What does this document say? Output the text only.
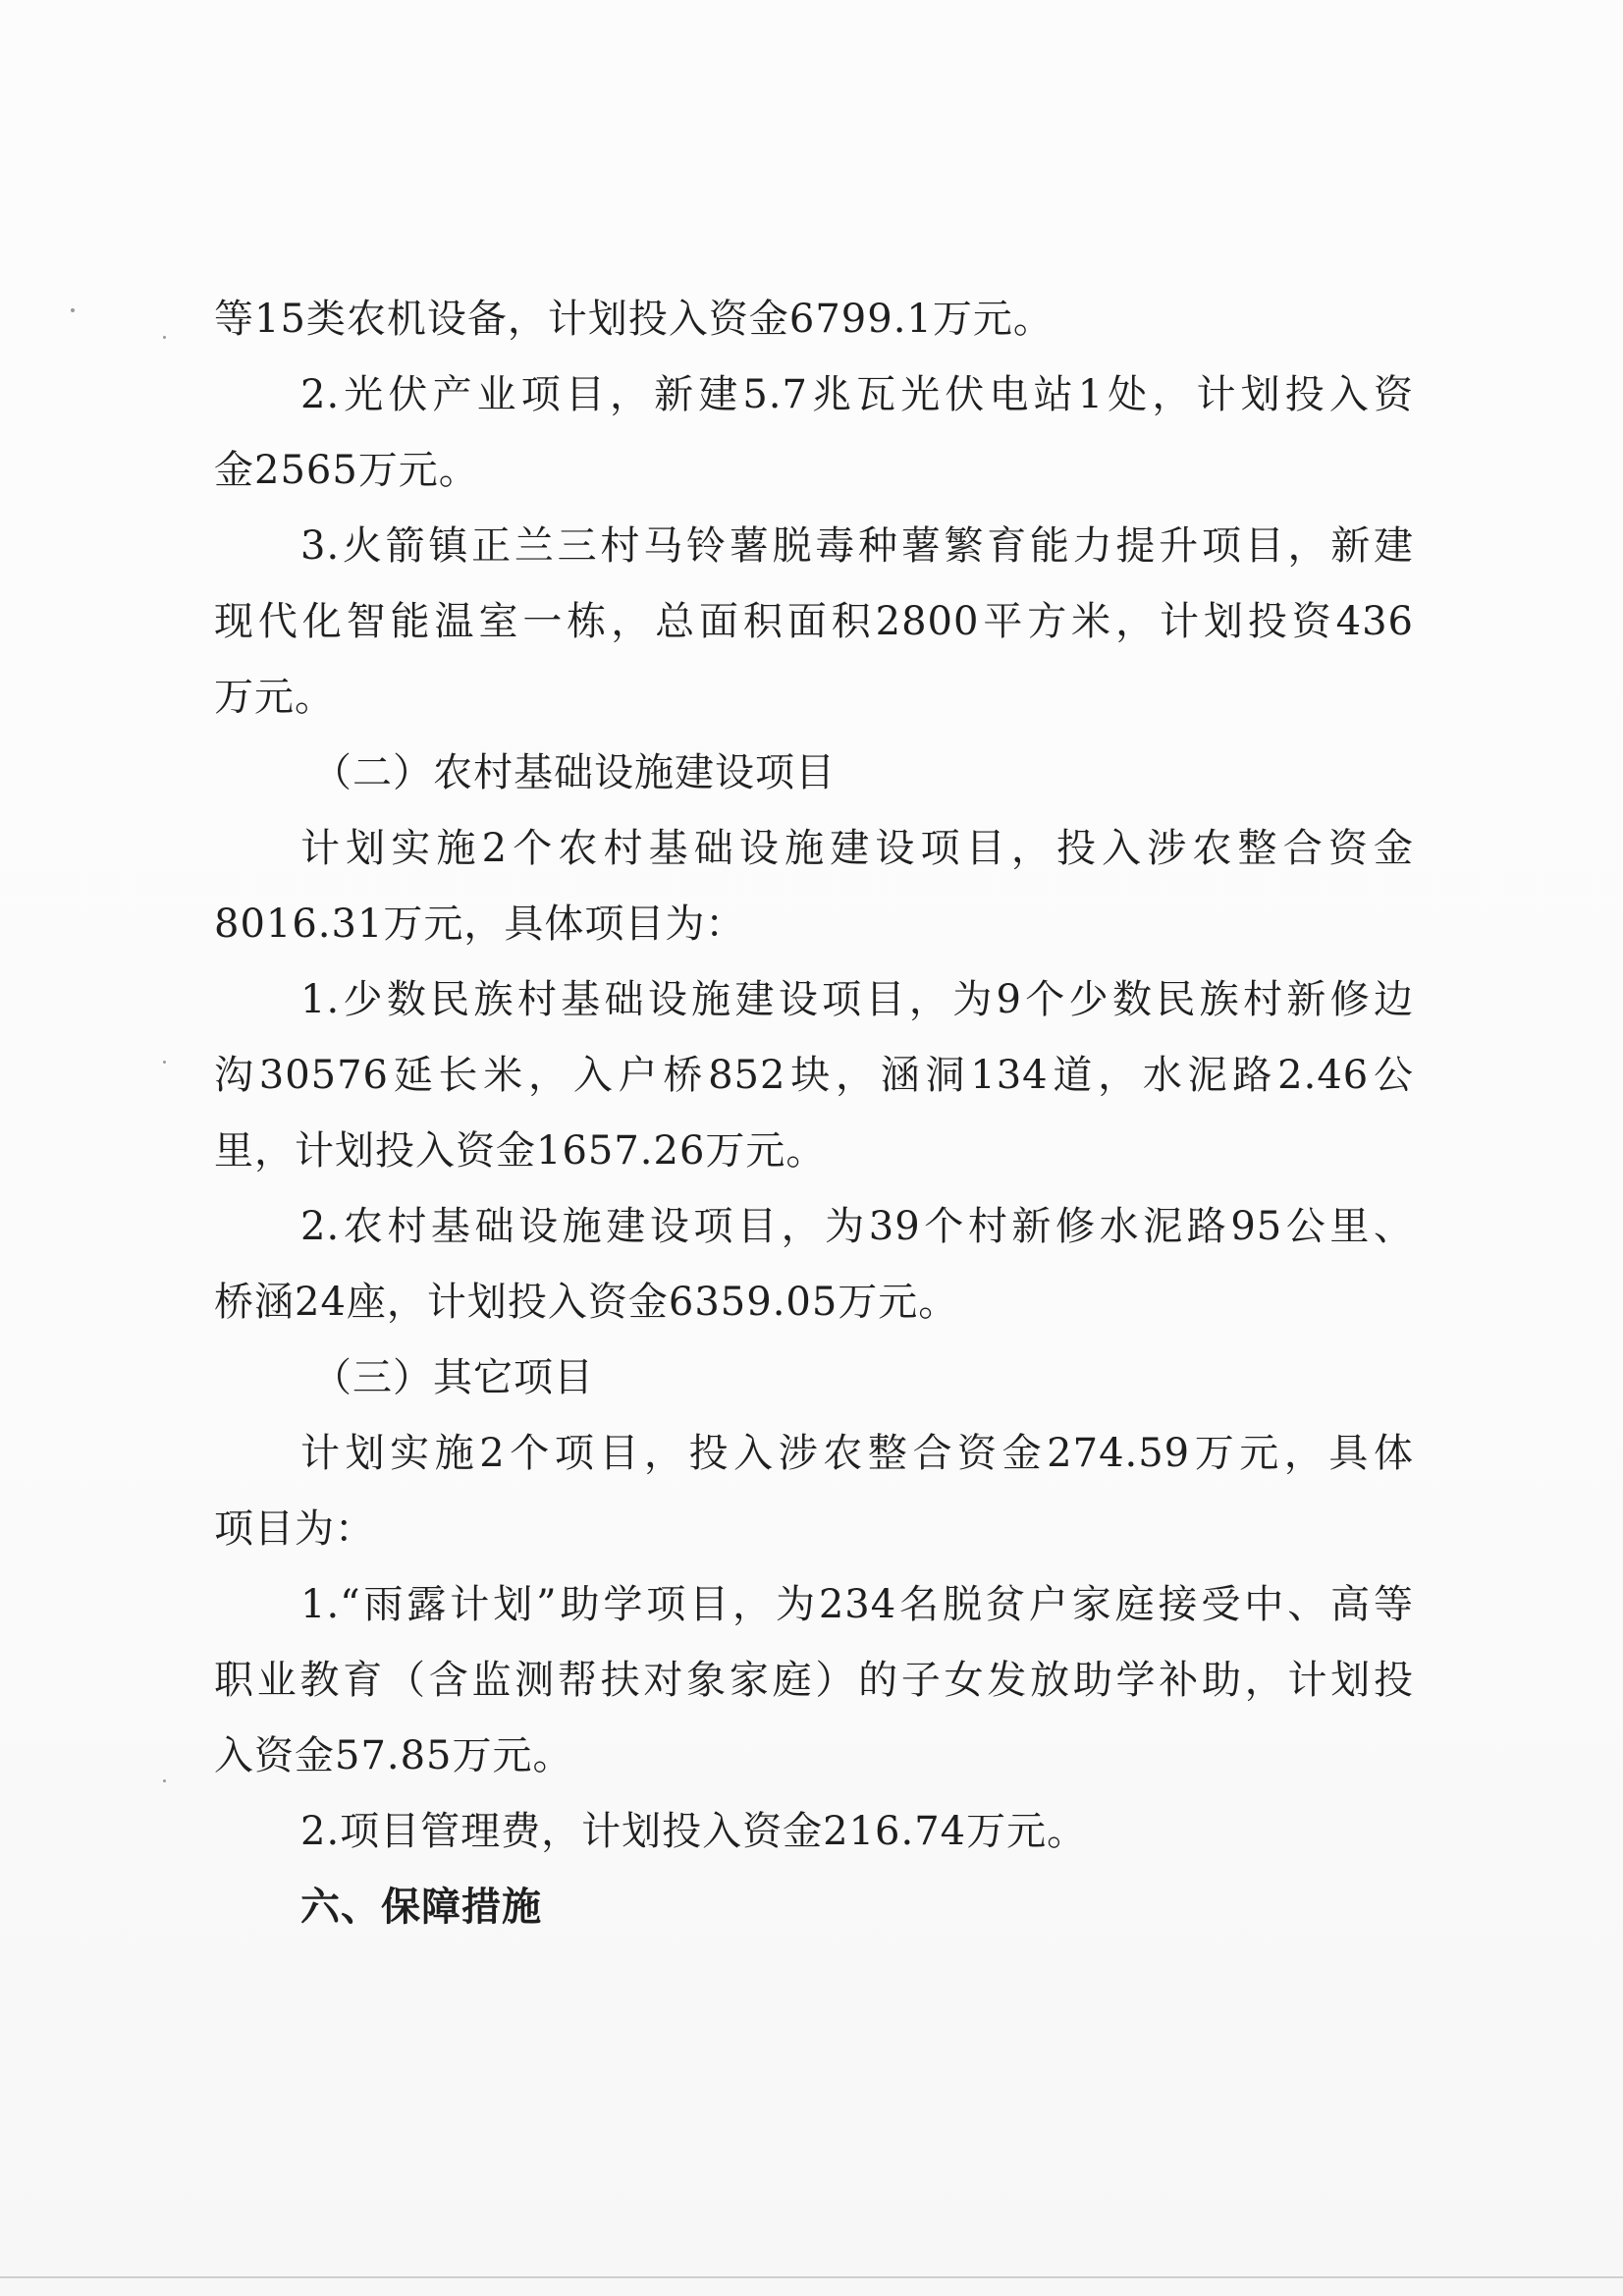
等15类农机设备，计划投入资金6799.1万元。
2.光伏产业项目，新建5.7兆瓦光伏电站1处，计划投入资
金2565万元。
3.火箭镇正兰三村马铃薯脱毒种薯繁育能力提升项目，新建
现代化智能温室一栋，总面积面积2800平方米，计划投资436
万元。
（二）农村基础设施建设项目
计划实施2个农村基础设施建设项目，投入涉农整合资金
8016.31万元，具体项目为：
1.少数民族村基础设施建设项目，为9个少数民族村新修边
沟30576延长米，入户桥852块，涵洞134道，水泥路2.46公
里，计划投入资金1657.26万元。
2.农村基础设施建设项目，为39个村新修水泥路95公里、
桥涵24座，计划投入资金6359.05万元。
（三）其它项目
计划实施2个项目，投入涉农整合资金274.59万元，具体
项目为：
1.“雨露计划”助学项目，为234名脱贫户家庭接受中、高等
职业教育（含监测帮扶对象家庭）的子女发放助学补助，计划投
入资金57.85万元。
2.项目管理费，计划投入资金216.74万元。
六、保障措施
